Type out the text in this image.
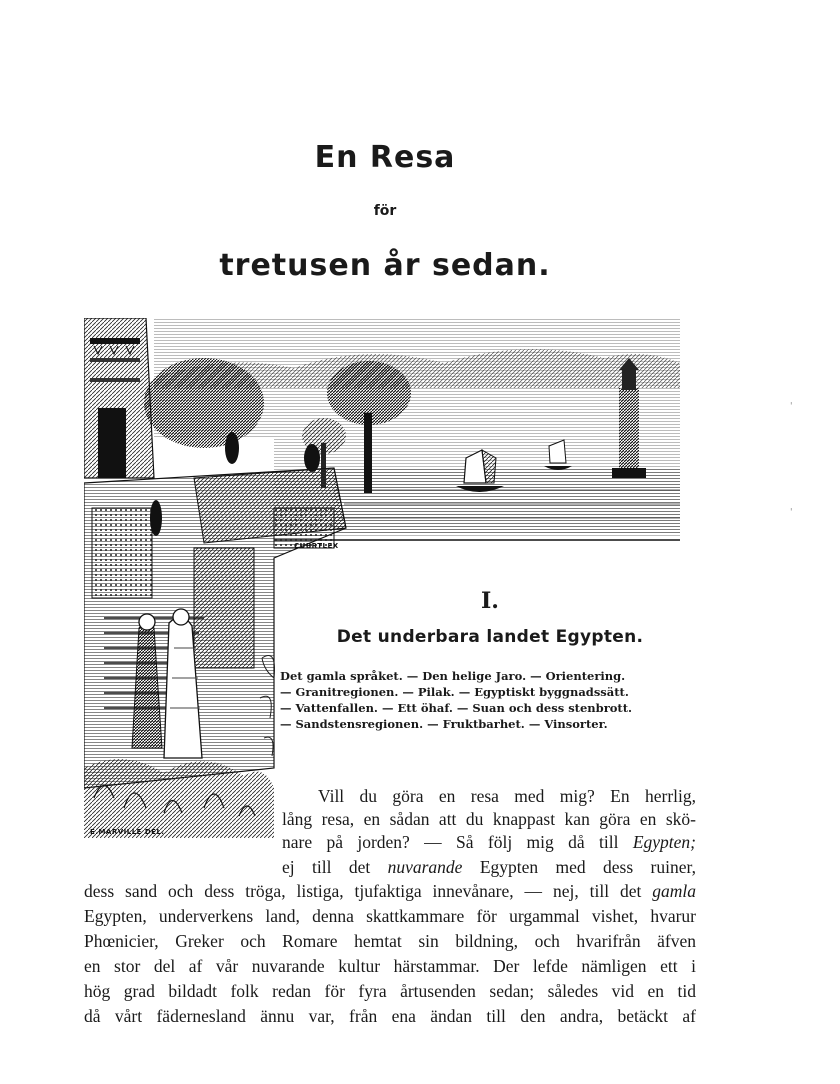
En Resa
för
tretusen år sedan.
CUBRTLEX
E.MARVILLE DEL.
I.
Det underbara landet Egypten.
Det gamla språket. — Den helige Jaro. — Orientering.
— Granitregionen. — Pilak. — Egyptiskt byggnadssätt.
— Vattenfallen. — Ett öhaf. — Suan och dess stenbrott.
— Sandstensregionen. — Fruktbarhet. — Vinsorter.
Vill du göra en resa med mig? En herrlig,
lång resa, en sådan att du knappast kan göra en skö-
nare på jorden? — Så följ mig då till Egypten;
ej till det nuvarande Egypten med dess ruiner,
dess sand och dess tröga, listiga, tjufaktiga innevånare, — nej, till det gamla
Egypten, underverkens land, denna skattkammare för urgammal vishet, hvarur
Phœnicier, Greker och Romare hemtat sin bildning, och hvarifrån äfven
en stor del af vår nuvarande kultur härstammar. Der lefde nämligen ett i
hög grad bildadt folk redan för fyra årtusenden sedan; således vid en tid
då vårt fädernesland ännu var, från ena ändan till den andra, betäckt af
'
'
